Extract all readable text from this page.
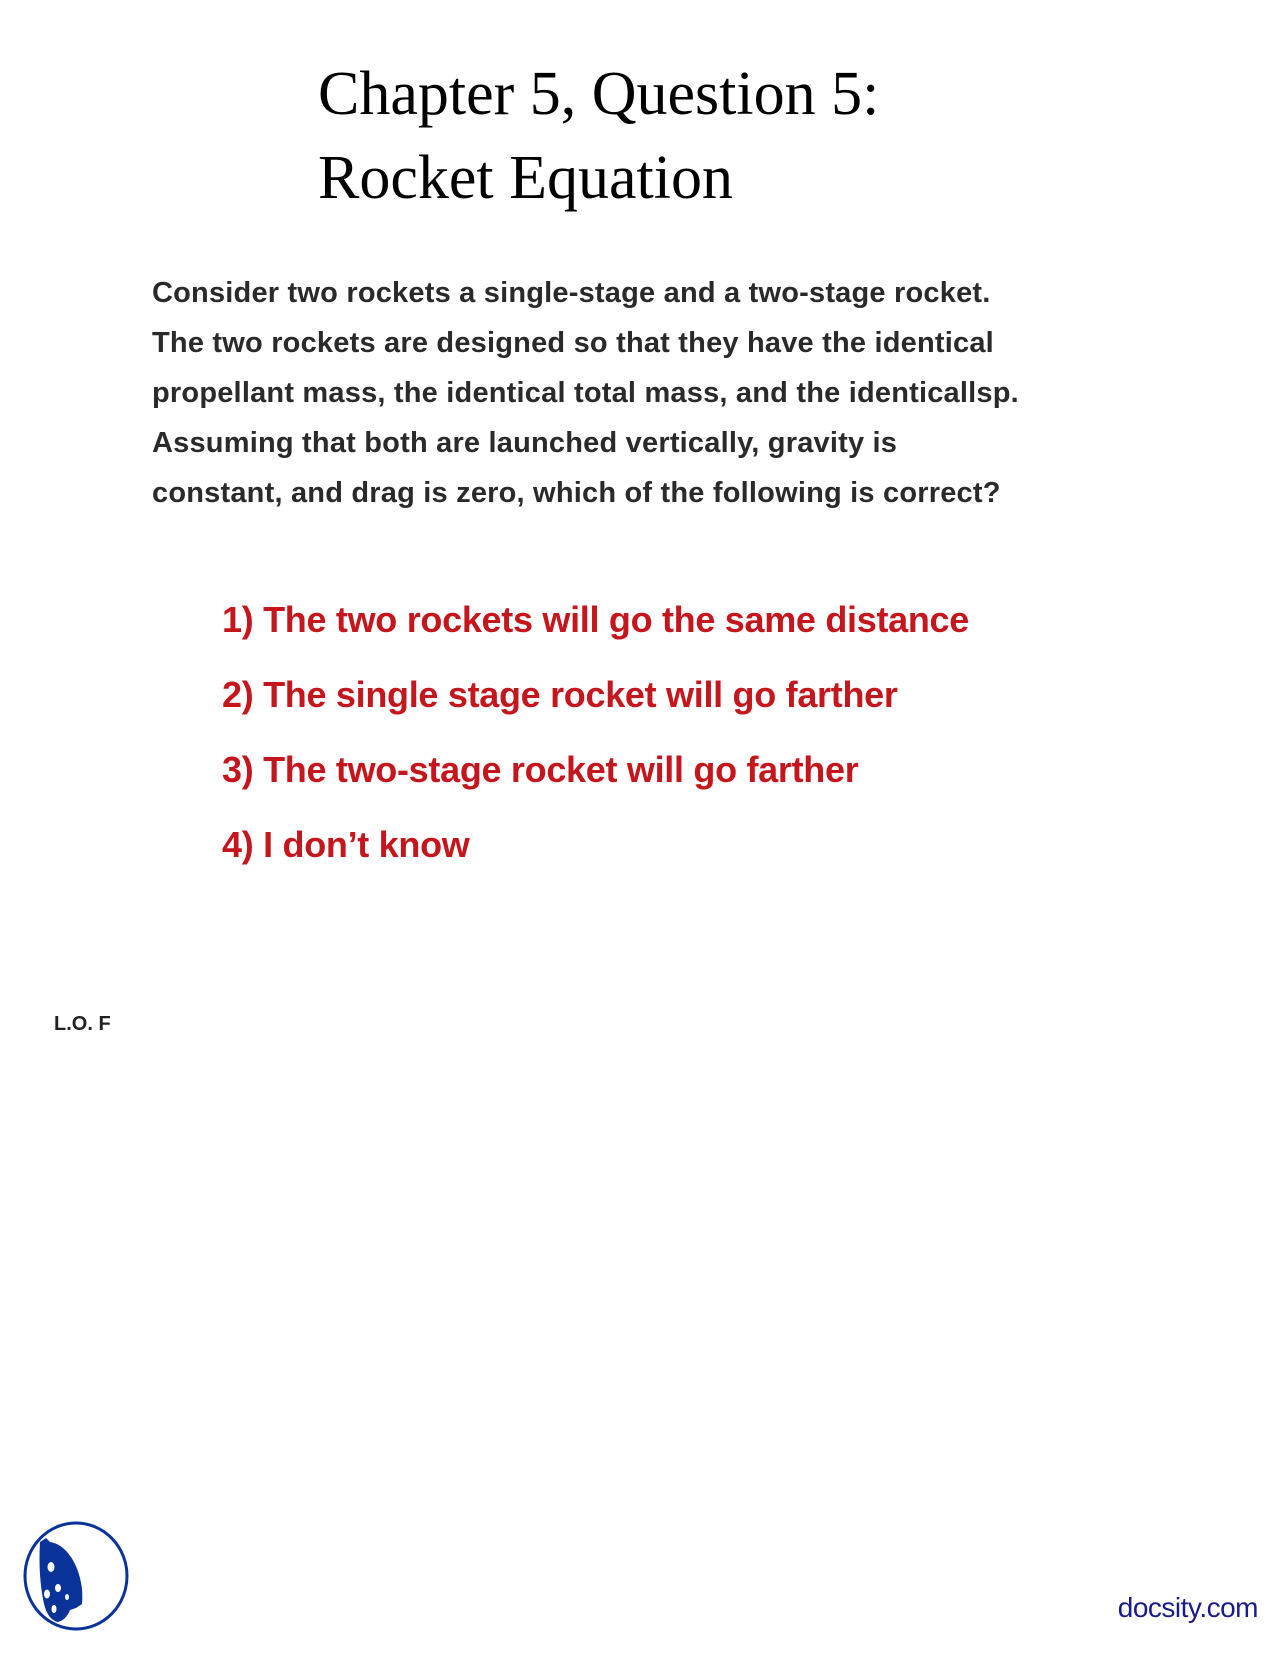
Chapter 5, Question 5:
Rocket Equation
Consider two rockets a single-stage and a two-stage rocket.
The two rockets are designed so that they have the identical
propellant mass, the identical total mass, and the identicallsp.
Assuming that both are launched vertically, gravity is
constant, and drag is zero, which of the following is correct?
1) The two rockets will go the same distance
2) The single stage rocket will go farther
3) The two-stage rocket will go farther
4) I don’t know
L.O. F
docsity.com
